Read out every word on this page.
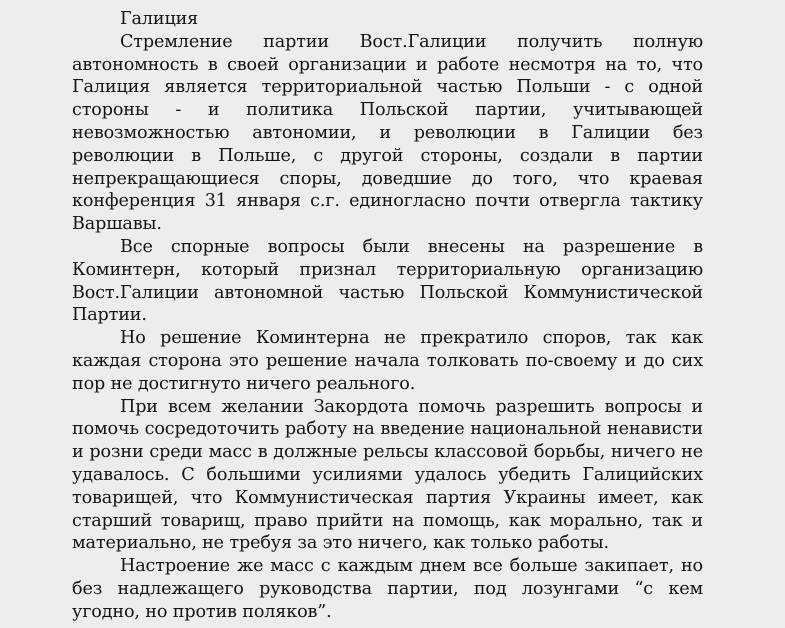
Галиция

Стремление партии Вост.Галиции получить полную автономность в своей организации и работе несмотря на то, что Галиция является территориальной частью Польши - с одной стороны - и политика Польской партии, учитывающей невозможностью автономии, и революции в Галиции без революции в Польше, с другой стороны, создали в партии непрекращающиеся споры, доведшие до того, что краевая конференция 31 января с.г. единогласно почти отвергла тактику Варшавы.

Все спорные вопросы были внесены на разрешение в Коминтерн, который признал территориальную организацию Вост.Галиции автономной частью Польской Коммунистической Партии.

Но решение Коминтерна не прекратило споров, так как каждая сторона это решение начала толковать по-своему и до сих пор не достигнуто ничего реального.

При всем желании Закордота помочь разрешить вопросы и помочь сосредоточить работу на введение национальной ненависти и розни среди масс в должные рельсы классовой борьбы, ничего не удавалось. С большими усилиями удалось убедить Галицийских товарищей, что Коммунистическая партия Украины имеет, как старший товарищ, право прийти на помощь, как морально, так и материально, не требуя за это ничего, как только работы.

Настроение же масс с каждым днем все больше закипает, но без надлежащего руководства партии, под лозунгами “с кем угодно, но против поляков”.
